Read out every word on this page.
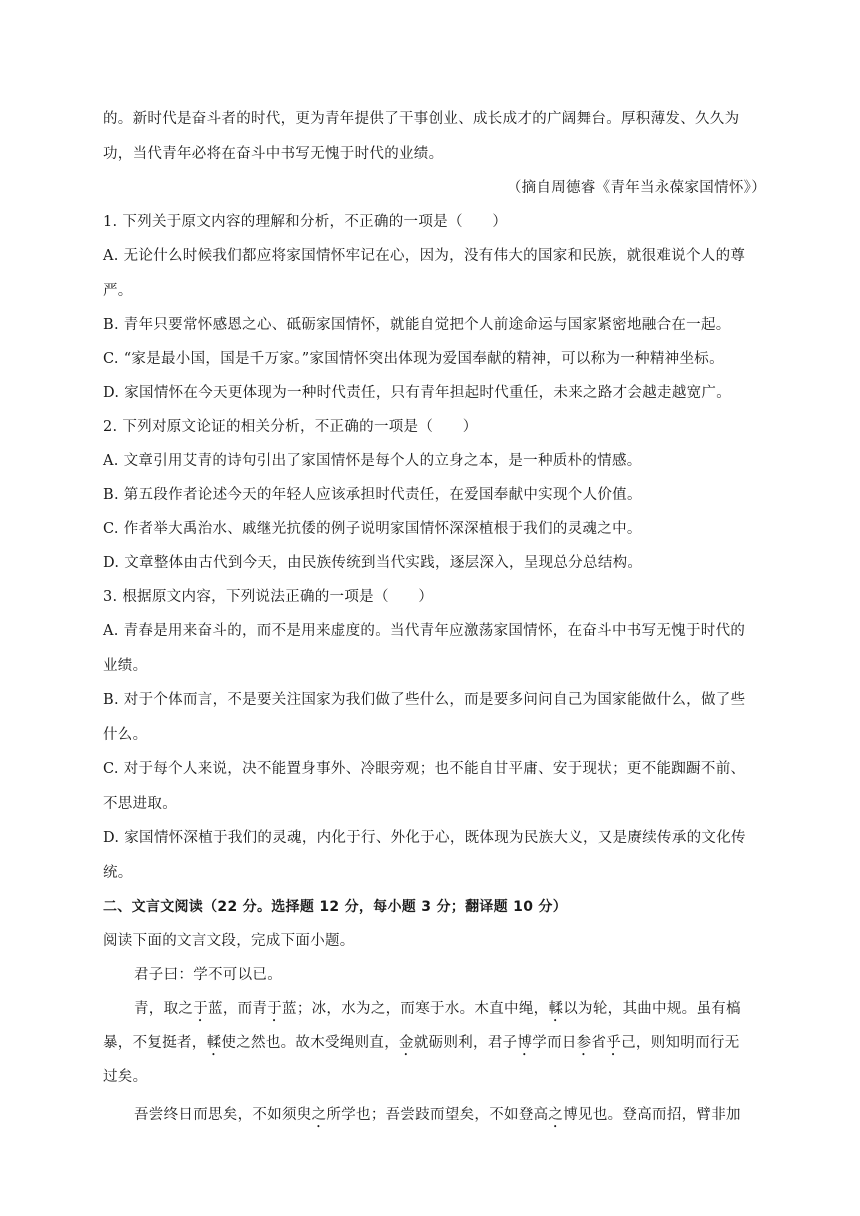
的。新时代是奋斗者的时代，更为青年提供了干事创业、成长成才的广阔舞台。厚积薄发、久久为
功，当代青年必将在奋斗中书写无愧于时代的业绩。
（摘自周德睿《青年当永葆家国情怀》）
1. 下列关于原文内容的理解和分析，不正确的一项是（　　）
A. 无论什么时候我们都应将家国情怀牢记在心，因为，没有伟大的国家和民族，就很难说个人的尊
严。
B. 青年只要常怀感恩之心、砥砺家国情怀，就能自觉把个人前途命运与国家紧密地融合在一起。
C. “家是最小国，国是千万家。”家国情怀突出体现为爱国奉献的精神，可以称为一种精神坐标。
D. 家国情怀在今天更体现为一种时代责任，只有青年担起时代重任，未来之路才会越走越宽广。
2. 下列对原文论证的相关分析，不正确的一项是（　　）
A. 文章引用艾青的诗句引出了家国情怀是每个人的立身之本，是一种质朴的情感。
B. 第五段作者论述今天的年轻人应该承担时代责任，在爱国奉献中实现个人价值。
C. 作者举大禹治水、戚继光抗倭的例子说明家国情怀深深植根于我们的灵魂之中。
D. 文章整体由古代到今天，由民族传统到当代实践，逐层深入，呈现总分总结构。
3. 根据原文内容，下列说法正确的一项是（　　）
A. 青春是用来奋斗的，而不是用来虚度的。当代青年应激荡家国情怀，在奋斗中书写无愧于时代的
业绩。
B. 对于个体而言，不是要关注国家为我们做了些什么，而是要多问问自己为国家能做什么，做了些
什么。
C. 对于每个人来说，决不能置身事外、冷眼旁观；也不能自甘平庸、安于现状；更不能踟蹰不前、
不思进取。
D. 家国情怀深植于我们的灵魂，内化于行、外化于心，既体现为民族大义，又是赓续传承的文化传
统。
二、文言文阅读（22 分。选择题 12 分，每小题 3 分；翻译题 10 分）
阅读下面的文言文段，完成下面小题。
君子曰：学不可以已。
青，取之于蓝，而青于蓝；冰，水为之，而寒于水。木直中绳，輮以为轮，其曲中规。虽有槁
暴，不复挺者，輮使之然也。故木受绳则直，金就砺则利，君子博学而日参省乎己，则知明而行无
过矣。
吾尝终日而思矣，不如须臾之所学也；吾尝跂而望矣，不如登高之博见也。登高而招，臂非加
